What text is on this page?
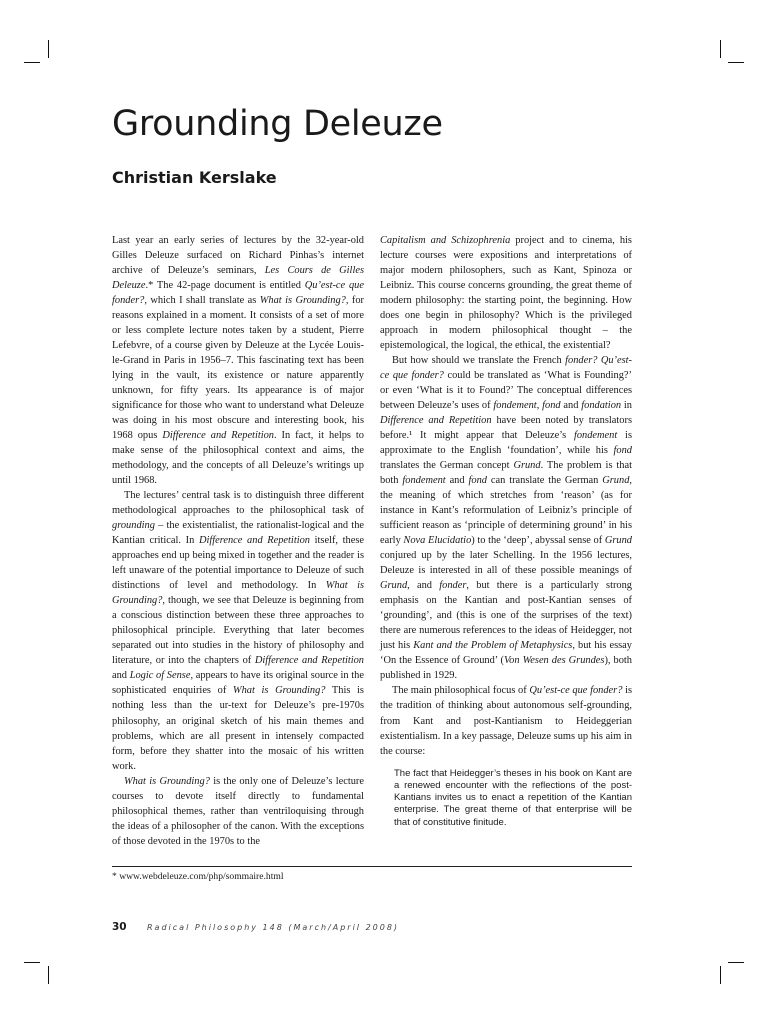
Grounding Deleuze
Christian Kerslake

Last year an early series of lectures by the 32-year-old Gilles Deleuze surfaced on Richard Pinhas’s internet archive of Deleuze’s seminars, Les Cours de Gilles Deleuze.* The 42-page document is entitled Qu’est-ce que fonder?, which I shall translate as What is Grounding?, for reasons explained in a moment. It consists of a set of more or less complete lecture notes taken by a student, Pierre Lefebvre, of a course given by Deleuze at the Lycée Louis-le-Grand in Paris in 1956–7. This fascinating text has been lying in the vault, its existence or nature apparently unknown, for fifty years. Its appearance is of major significance for those who want to understand what Deleuze was doing in his most obscure and interesting book, his 1968 opus Difference and Repetition. In fact, it helps to make sense of the philosophical context and aims, the methodology, and the concepts of all Deleuze’s writings up until 1968.

The lectures’ central task is to distinguish three different methodological approaches to the philosophical task of grounding – the existentialist, the rationalist-logical and the Kantian critical. In Difference and Repetition itself, these approaches end up being mixed in together and the reader is left unaware of the potential importance to Deleuze of such distinctions of level and methodology. In What is Grounding?, though, we see that Deleuze is beginning from a conscious distinction between these three approaches to philosophical principle. Everything that later becomes separated out into studies in the history of philosophy and literature, or into the chapters of Difference and Repetition and Logic of Sense, appears to have its original source in the sophisticated enquiries of What is Grounding? This is nothing less than the ur-text for Deleuze’s pre-1970s philosophy, an original sketch of his main themes and problems, which are all present in intensely compacted form, before they shatter into the mosaic of his written work.

What is Grounding? is the only one of Deleuze’s lecture courses to devote itself directly to fundamental philosophical themes, rather than ventriloquising through the ideas of a philosopher of the canon. With the exceptions of those devoted in the 1970s to the

Capitalism and Schizophrenia project and to cinema, his lecture courses were expositions and interpretations of major modern philosophers, such as Kant, Spinoza or Leibniz. This course concerns grounding, the great theme of modern philosophy: the starting point, the beginning. How does one begin in philosophy? Which is the privileged approach in modern philosophical thought – the epistemological, the logical, the ethical, the existential?

But how should we translate the French fonder? Qu’est-ce que fonder? could be translated as ‘What is Founding?’ or even ‘What is it to Found?’ The conceptual differences between Deleuze’s uses of fondement, fond and fondation in Difference and Repetition have been noted by translators before.¹ It might appear that Deleuze’s fondement is approximate to the English ‘foundation’, while his fond translates the German concept Grund. The problem is that both fondement and fond can translate the German Grund, the meaning of which stretches from ‘reason’ (as for instance in Kant’s reformulation of Leibniz’s principle of sufficient reason as ‘principle of determining ground’ in his early Nova Elucidatio) to the ‘deep’, abyssal sense of Grund conjured up by the later Schelling. In the 1956 lectures, Deleuze is interested in all of these possible meanings of Grund, and fonder, but there is a particularly strong emphasis on the Kantian and post-Kantian senses of ‘grounding’, and (this is one of the surprises of the text) there are numerous references to the ideas of Heidegger, not just his Kant and the Problem of Metaphysics, but his essay ‘On the Essence of Ground’ (Von Wesen des Grundes), both published in 1929.

The main philosophical focus of Qu’est-ce que fonder? is the tradition of thinking about autonomous self-grounding, from Kant and post-Kantianism to Heideggerian existentialism. In a key passage, Deleuze sums up his aim in the course:

The fact that Heidegger’s theses in his book on Kant are a renewed encounter with the reflections of the post-Kantians invites us to enact a repetition of the Kantian enterprise. The great theme of that enterprise will be that of constitutive finitude.
* www.webdeleuze.com/php/sommaire.html
30	Radical Philosophy 148 (March/April 2008)
